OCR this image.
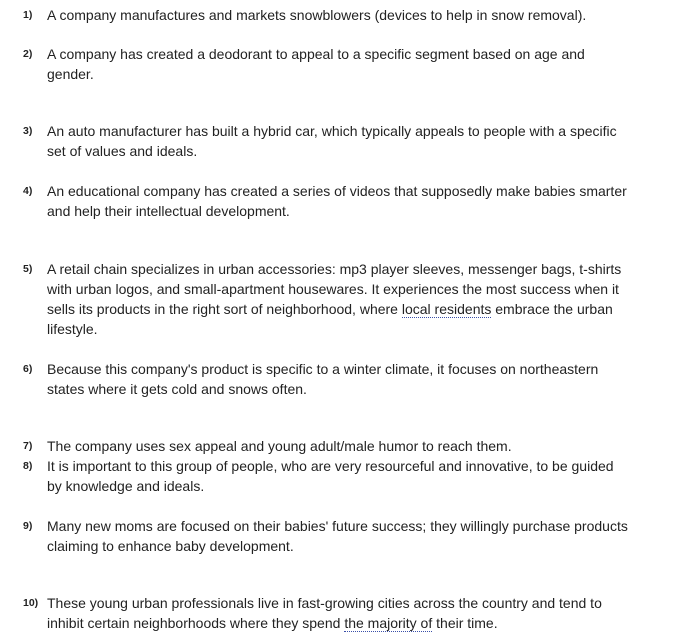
1) A company manufactures and markets snowblowers (devices to help in snow removal).
2) A company has created a deodorant to appeal to a specific segment based on age and gender.
3) An auto manufacturer has built a hybrid car, which typically appeals to people with a specific set of values and ideals.
4) An educational company has created a series of videos that supposedly make babies smarter and help their intellectual development.
5) A retail chain specializes in urban accessories: mp3 player sleeves, messenger bags, t-shirts with urban logos, and small-apartment housewares. It experiences the most success when it sells its products in the right sort of neighborhood, where local residents embrace the urban lifestyle.
6) Because this company's product is specific to a winter climate, it focuses on northeastern states where it gets cold and snows often.
7) The company uses sex appeal and young adult/male humor to reach them.
8) It is important to this group of people, who are very resourceful and innovative, to be guided by knowledge and ideals.
9) Many new moms are focused on their babies' future success; they willingly purchase products claiming to enhance baby development.
10) These young urban professionals live in fast-growing cities across the country and tend to inhibit certain neighborhoods where they spend the majority of their time.
